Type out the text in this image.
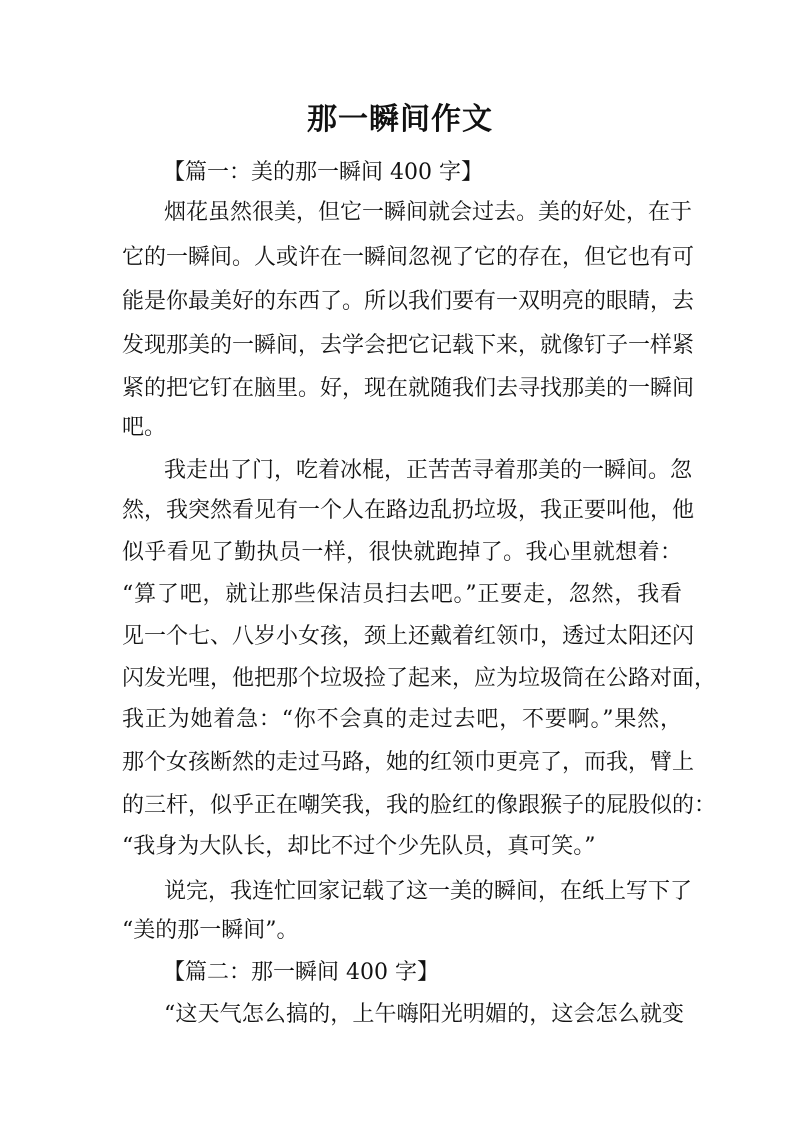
那一瞬间作文
【篇一：美的那一瞬间 400 字】
烟花虽然很美，但它一瞬间就会过去。美的好处，在于
它的一瞬间。人或许在一瞬间忽视了它的存在，但它也有可
能是你最美好的东西了。所以我们要有一双明亮的眼睛，去
发现那美的一瞬间，去学会把它记载下来，就像钉子一样紧
紧的把它钉在脑里。好，现在就随我们去寻找那美的一瞬间
吧。
我走出了门，吃着冰棍，正苦苦寻着那美的一瞬间。忽
然，我突然看见有一个人在路边乱扔垃圾，我正要叫他，他
似乎看见了勤执员一样，很快就跑掉了。我心里就想着：
“算了吧，就让那些保洁员扫去吧。”正要走，忽然，我看
见一个七、八岁小女孩，颈上还戴着红领巾，透过太阳还闪
闪发光哩，他把那个垃圾捡了起来，应为垃圾筒在公路对面，
我正为她着急：“你不会真的走过去吧，不要啊。”果然，
那个女孩断然的走过马路，她的红领巾更亮了，而我，臂上
的三杆，似乎正在嘲笑我，我的脸红的像跟猴子的屁股似的：
“我身为大队长，却比不过个少先队员，真可笑。”
说完，我连忙回家记载了这一美的瞬间，在纸上写下了
“美的那一瞬间”。
【篇二：那一瞬间 400 字】
“这天气怎么搞的，上午嗨阳光明媚的，这会怎么就变
